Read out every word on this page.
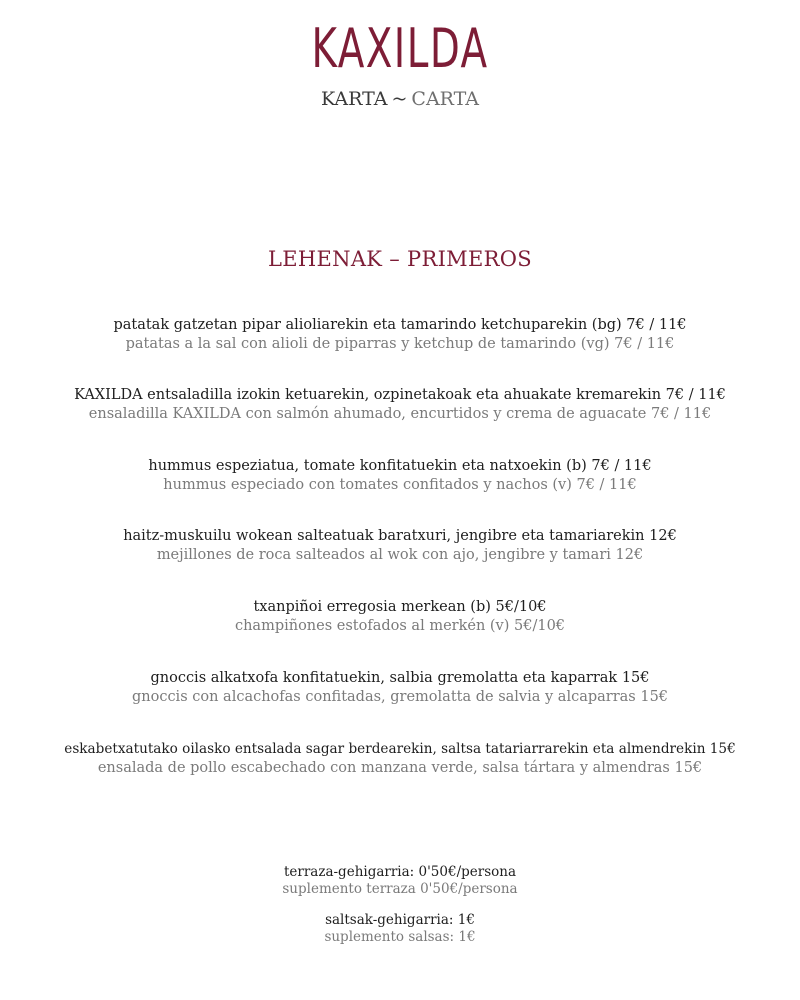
KAXILDA
KARTA ~ CARTA
LEHENAK – PRIMEROS
patatak gatzetan pipar alioliarekin eta tamarindo ketchuparekin (bg) 7€ / 11€
patatas a la sal con alioli de piparras y ketchup de tamarindo (vg) 7€ / 11€
KAXILDA entsaladilla izokin ketuarekin, ozpinetakoak eta ahuakate kremarekin 7€ / 11€
ensaladilla KAXILDA con salmón ahumado, encurtidos y crema de aguacate 7€ / 11€
hummus espeziatua, tomate konfitatuekin eta natxoekin (b) 7€ / 11€
hummus especiado con tomates confitados y nachos (v) 7€ / 11€
haitz-muskuilu wokean salteatuak baratxuri, jengibre eta tamariarekin 12€
mejillones de roca salteados al wok con ajo, jengibre y tamari 12€
txanpiñoi erregosia merkean (b) 5€/10€
champiñones estofados al merkén (v) 5€/10€
gnoccis alkatxofa konfitatuekin, salbia gremolatta eta kaparrak 15€
gnoccis con alcachofas confitadas, gremolatta de salvia y alcaparras 15€
eskabetxatutako oilasko entsalada sagar berdearekin, saltsa tatariarrarekin eta almendrekin 15€
ensalada de pollo escabechado con manzana verde, salsa tártara y almendras 15€
terraza-gehigarria: 0'50€/persona
suplemento terraza 0'50€/persona
saltsak-gehigarria: 1€
suplemento salsas: 1€
